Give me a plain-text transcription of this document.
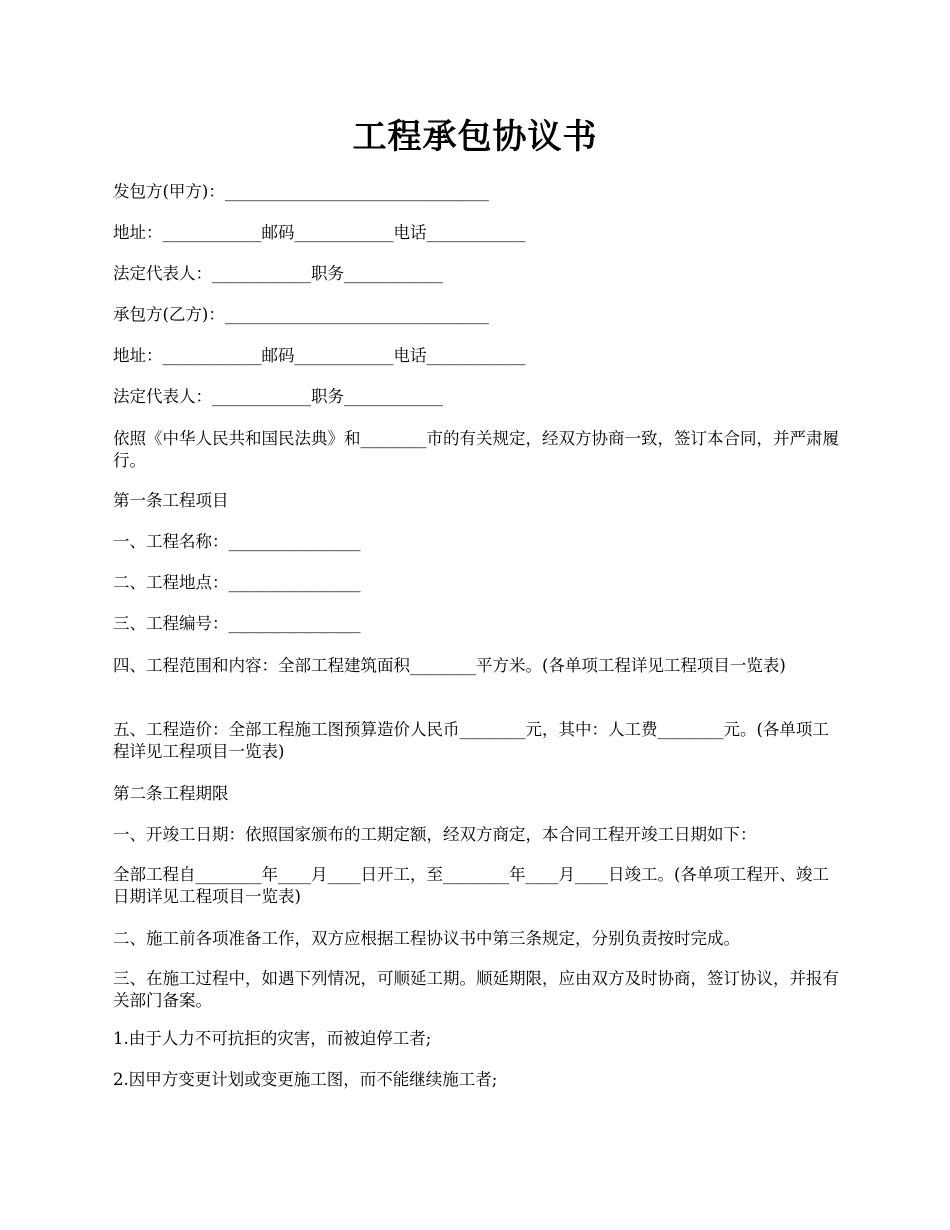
工程承包协议书
发包方(甲方)：________________________________
地址：____________邮码____________电话____________
法定代表人：____________职务____________
承包方(乙方)：________________________________
地址：____________邮码____________电话____________
法定代表人：____________职务____________
依照《中华人民共和国民法典》和________市的有关规定，经双方协商一致，签订本合同，并严肃履行。
第一条工程项目
一、工程名称：________________
二、工程地点：________________
三、工程编号：________________
四、工程范围和内容：全部工程建筑面积________平方米。(各单项工程详见工程项目一览表)
五、工程造价：全部工程施工图预算造价人民币________元，其中：人工费________元。(各单项工程详见工程项目一览表)
第二条工程期限
一、开竣工日期：依照国家颁布的工期定额，经双方商定，本合同工程开竣工日期如下：
全部工程自________年____月____日开工，至________年____月____日竣工。(各单项工程开、竣工日期详见工程项目一览表)
二、施工前各项准备工作，双方应根据工程协议书中第三条规定，分别负责按时完成。
三、在施工过程中，如遇下列情况，可顺延工期。顺延期限，应由双方及时协商，签订协议，并报有关部门备案。
1.由于人力不可抗拒的灾害，而被迫停工者;
2.因甲方变更计划或变更施工图，而不能继续施工者;
